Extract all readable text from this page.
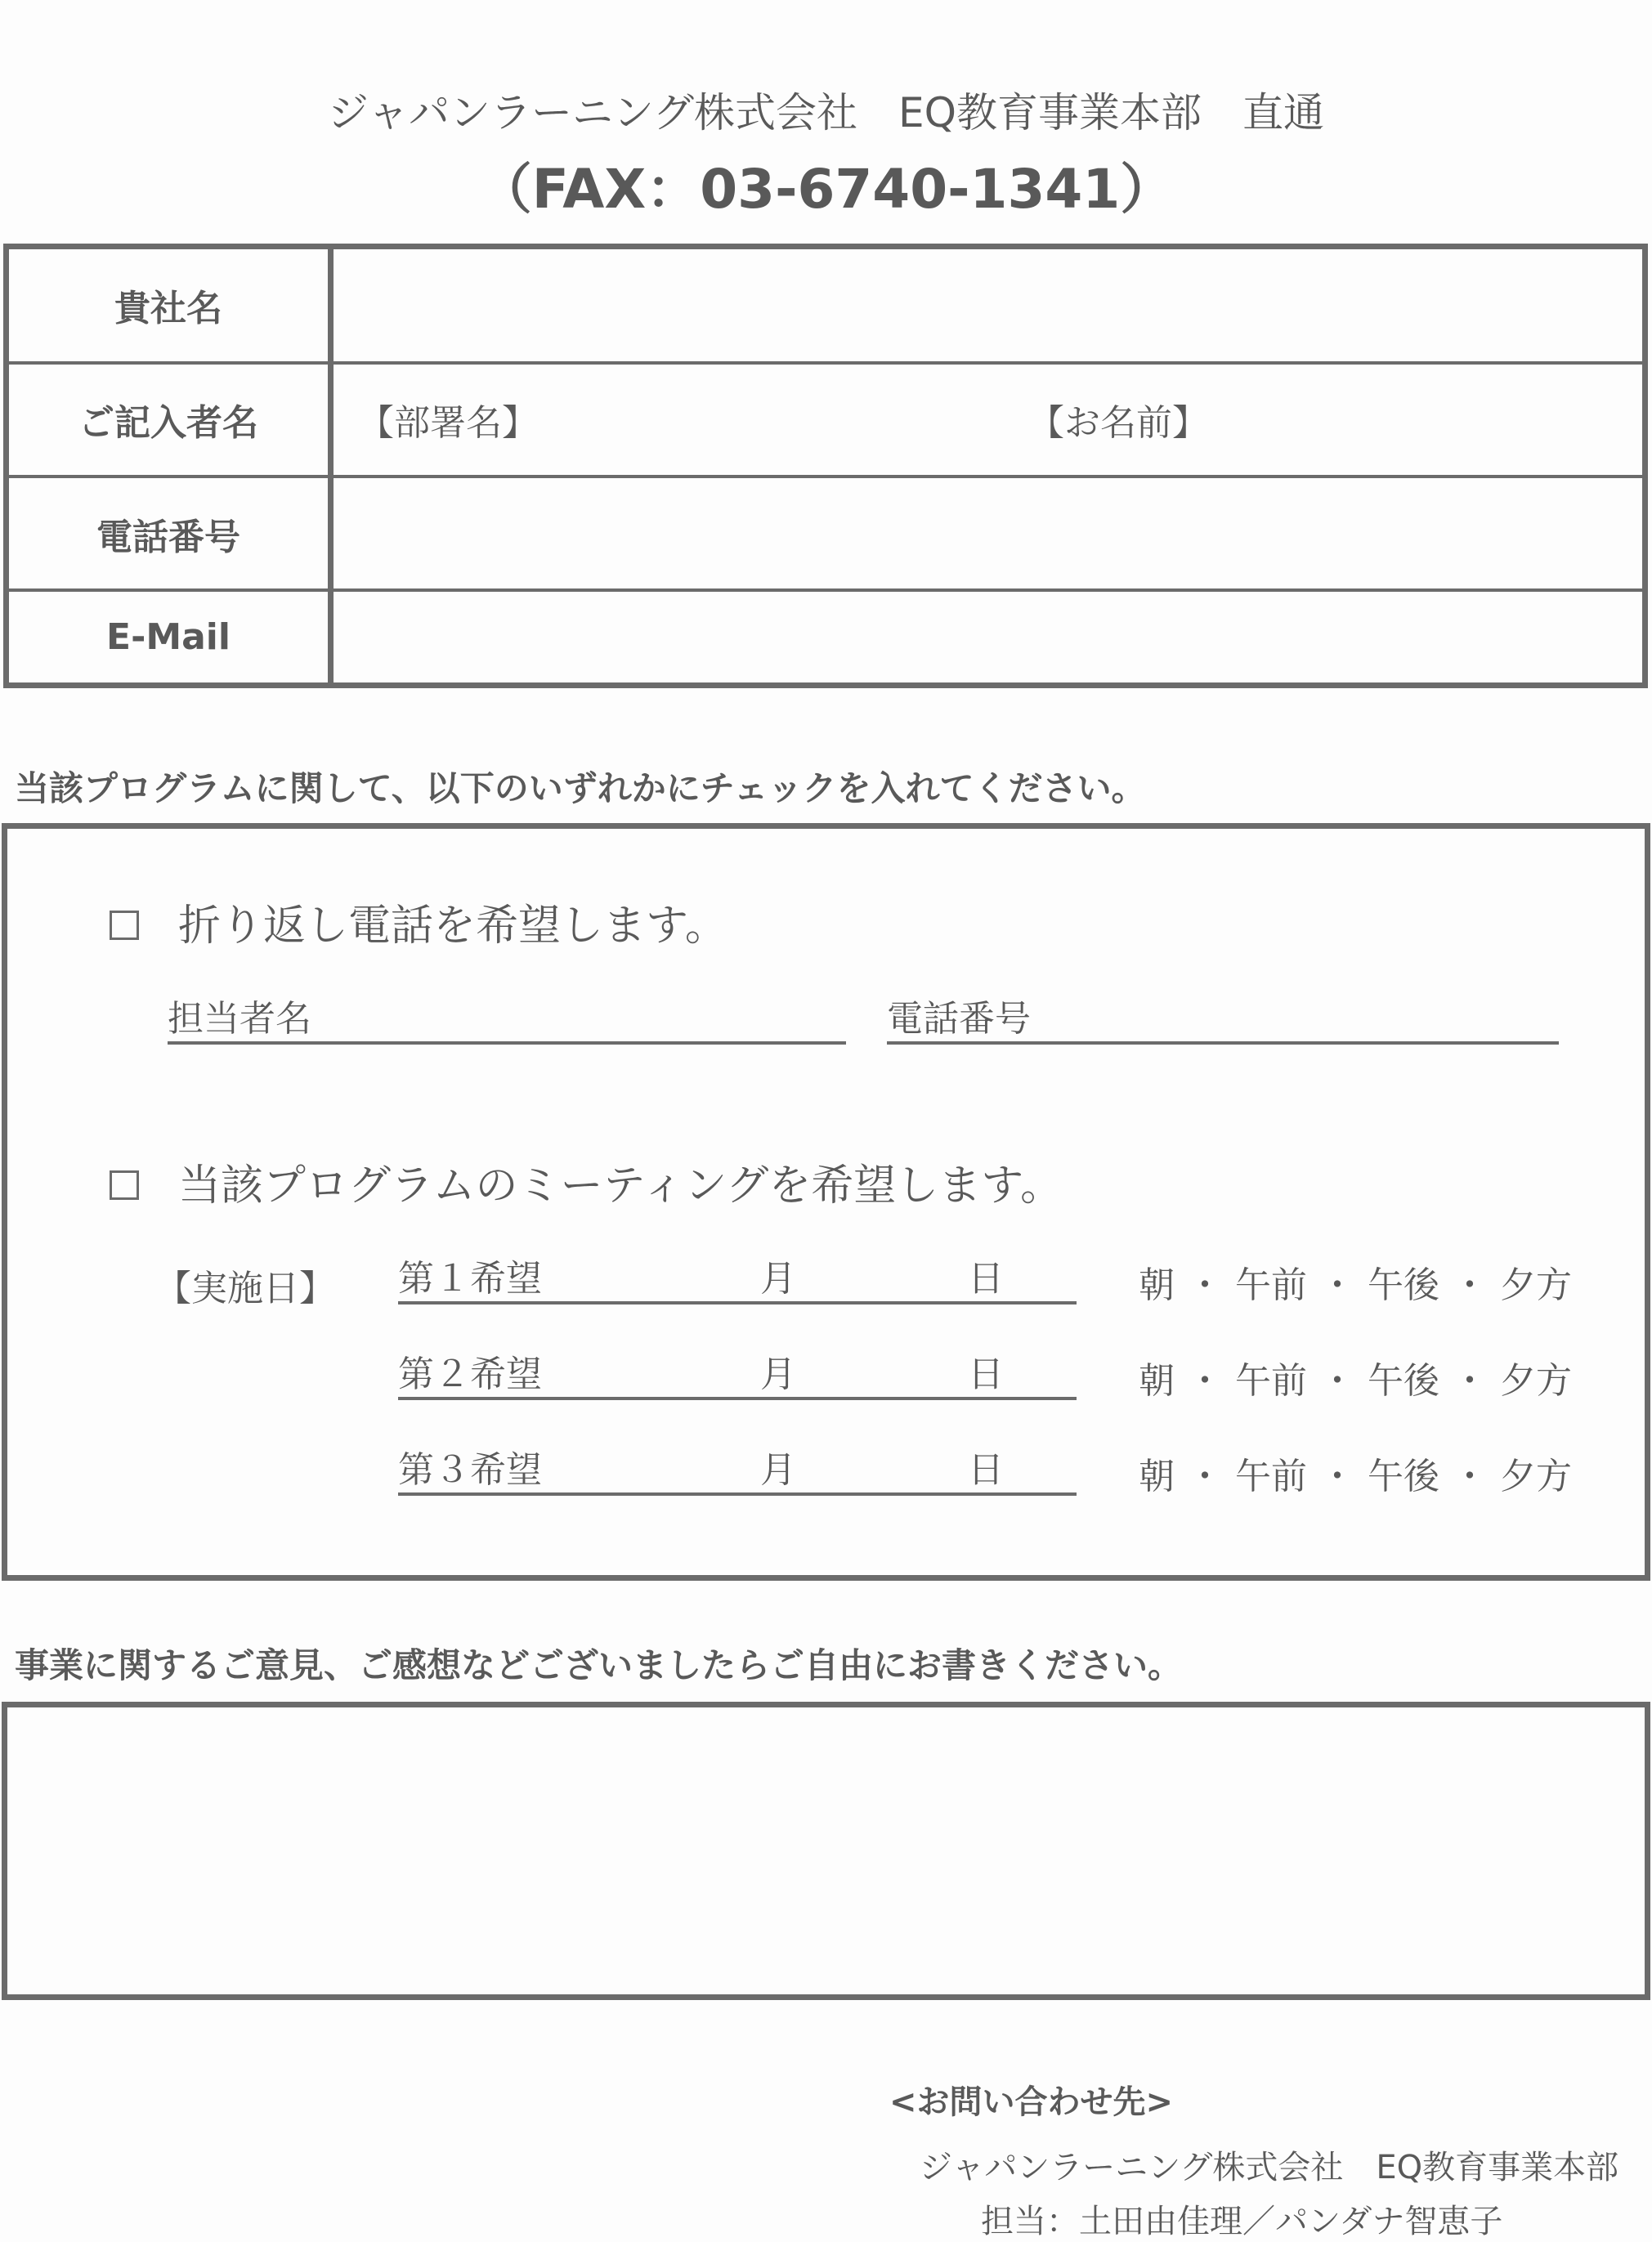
ジャパンラーニング株式会社　EQ教育事業本部　直通
（FAX：03-6740-1341）
貴社名	
ご記入者名	【部署名】 【お名前】

電話番号	
E-Mail	
当該プログラムに関して、以下のいずれかにチェックを入れてください。
折り返し電話を希望します。
担当者名	電話番号
当該プログラムのミーティングを希望します。
【実施日】 第１希望	月	日	朝 ・ 午前 ・ 午後 ・ 夕方
第２希望	月	日	朝 ・ 午前 ・ 午後 ・ 夕方
第３希望	月	日	朝 ・ 午前 ・ 午後 ・ 夕方
事業に関するご意見、ご感想などございましたらご自由にお書きください。
<お問い合わせ先>
ジャパンラーニング株式会社　EQ教育事業本部
担当：土田由佳理／パンダナ智恵子
